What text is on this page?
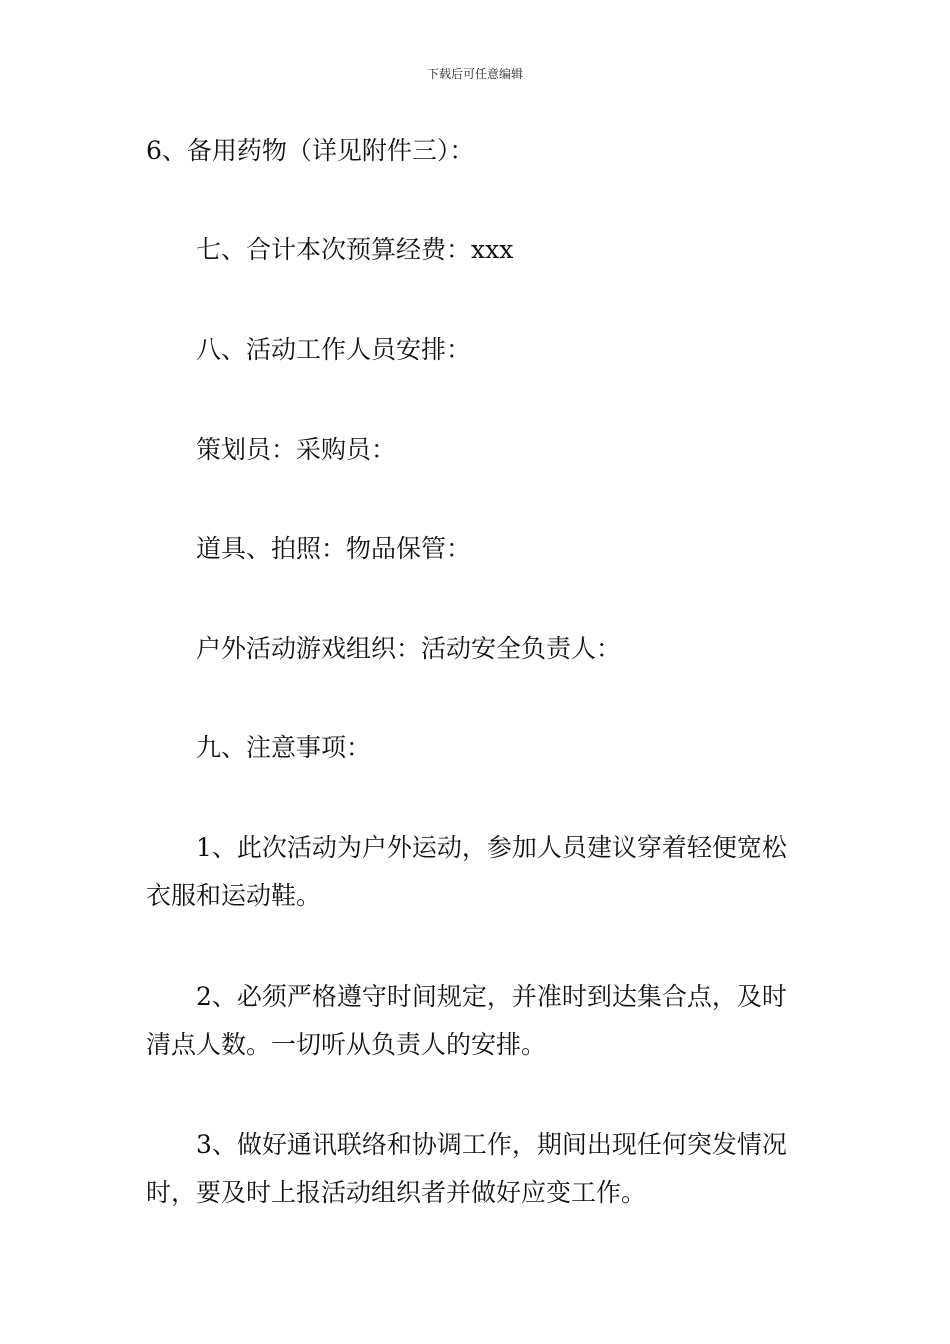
下载后可任意编辑

6、备用药物（详见附件三）：

七、合计本次预算经费：xxx

八、活动工作人员安排：

策划员：采购员：

道具、拍照：物品保管：

户外活动游戏组织：活动安全负责人：

九、注意事项：

1、此次活动为户外运动，参加人员建议穿着轻便宽松
衣服和运动鞋。
2、必须严格遵守时间规定，并准时到达集合点，及时
清点人数。一切听从负责人的安排。
3、做好通讯联络和协调工作，期间出现任何突发情况
时，要及时上报活动组织者并做好应变工作。
